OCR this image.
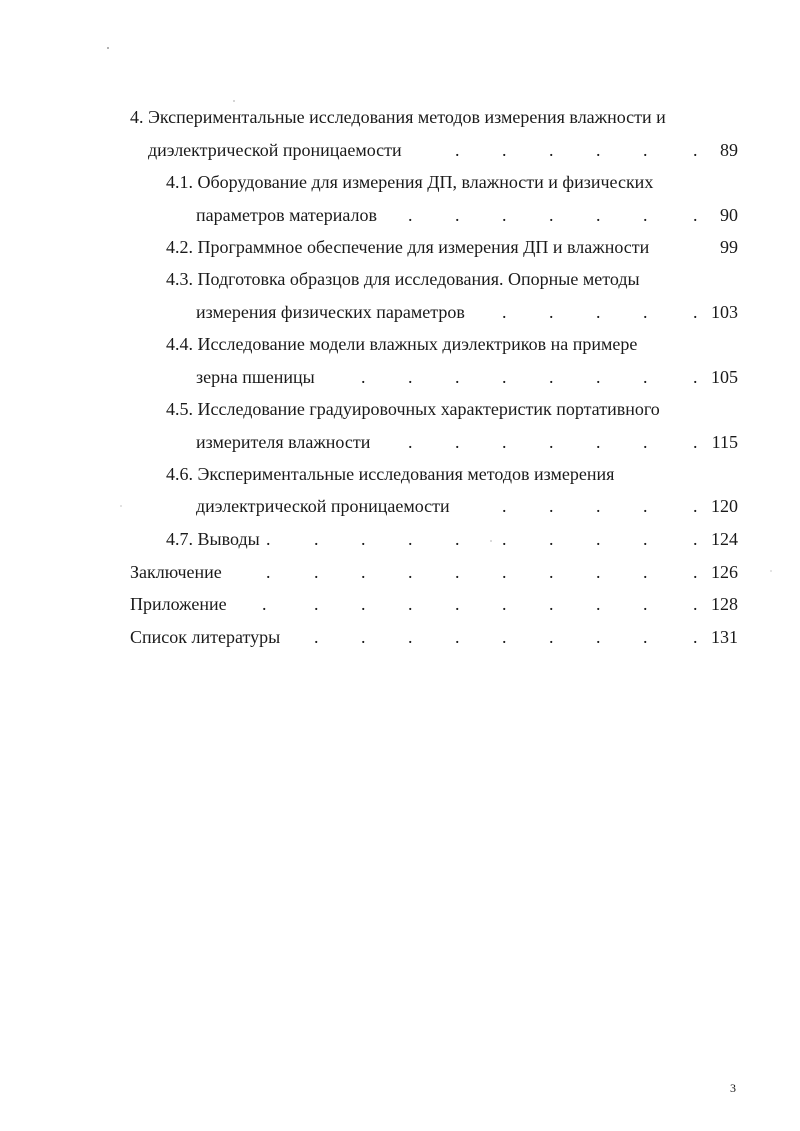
4. Экспериментальные исследования методов измерения влажности и
диэлектрической проницаемости	. . . . .	.	89
4.1. Оборудование для измерения ДП, влажности и физических
параметров материалов . . . . . .	.	90
4.2. Программное обеспечение для измерения ДП и влажности	99
4.3. Подготовка образцов для исследования. Опорные методы
измерения физических параметров . . . .	. 103
4.4. Исследование модели влажных диэлектриков на примере
зерна пшеницы	. . . . . . .	. 105
4.5. Исследование градуировочных характеристик портативного
измерителя влажности . . . . . .	. 115
4.6. Экспериментальные исследования методов измерения
диэлектрической проницаемости	. . . .	. 120
4.7. Выводы . . . . . . . . .	. 124
Заключение . . . . . . . . .	. 126
Приложение .	. . . . . . . .	. 128
Список литературы . . . . . . . .	. 131
3
